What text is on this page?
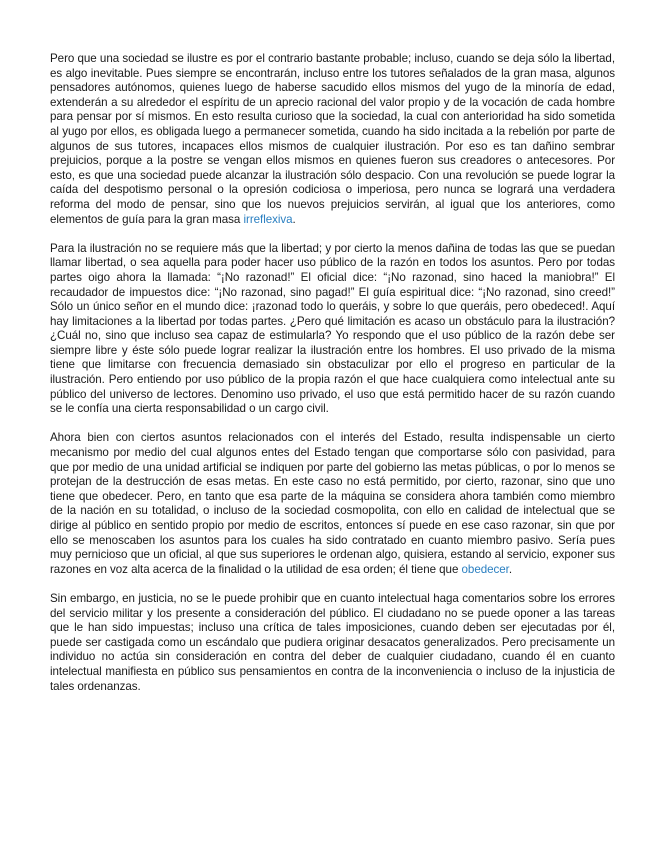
Pero que una sociedad se ilustre es por el contrario bastante probable; incluso, cuando se deja sólo la libertad, es algo inevitable. Pues siempre se encontrarán, incluso entre los tutores señalados de la gran masa, algunos pensadores autónomos, quienes luego de haberse sacudido ellos mismos del yugo de la minoría de edad, extenderán a su alrededor el espíritu de un aprecio racional del valor propio y de la vocación de cada hombre para pensar por sí mismos. En esto resulta curioso que la sociedad, la cual con anterioridad ha sido sometida al yugo por ellos, es obligada luego a permanecer sometida, cuando ha sido incitada a la rebelión por parte de algunos de sus tutores, incapaces ellos mismos de cualquier ilustración. Por eso es tan dañino sembrar prejuicios, porque a la postre se vengan ellos mismos en quienes fueron sus creadores o antecesores. Por esto, es que una sociedad puede alcanzar la ilustración sólo despacio. Con una revolución se puede lograr la caída del despotismo personal o la opresión codiciosa o imperiosa, pero nunca se logrará una verdadera reforma del modo de pensar, sino que los nuevos prejuicios servirán, al igual que los anteriores, como elementos de guía para la gran masa irreflexiva.

Para la ilustración no se requiere más que la libertad; y por cierto la menos dañina de todas las que se puedan llamar libertad, o sea aquella para poder hacer uso público de la razón en todos los asuntos. Pero por todas partes oigo ahora la llamada: “¡No razonad!” El oficial dice: “¡No razonad, sino haced la maniobra!” El recaudador de impuestos dice: “¡No razonad, sino pagad!” El guía espiritual dice: “¡No razonad, sino creed!” Sólo un único señor en el mundo dice: ¡razonad todo lo queráis, y sobre lo que queráis, pero obedeced!. Aquí hay limitaciones a la libertad por todas partes. ¿Pero qué limitación es acaso un obstáculo para la ilustración? ¿Cuál no, sino que incluso sea capaz de estimularla? Yo respondo que el uso público de la razón debe ser siempre libre y éste sólo puede lograr realizar la ilustración entre los hombres. El uso privado de la misma tiene que limitarse con frecuencia demasiado sin obstaculizar por ello el progreso en particular de la ilustración. Pero entiendo por uso público de la propia razón el que hace cualquiera como intelectual ante su público del universo de lectores. Denomino uso privado, el uso que está permitido hacer de su razón cuando se le confía una cierta responsabilidad o un cargo civil.

Ahora bien con ciertos asuntos relacionados con el interés del Estado, resulta indispensable un cierto mecanismo por medio del cual algunos entes del Estado tengan que comportarse sólo con pasividad, para que por medio de una unidad artificial se indiquen por parte del gobierno las metas públicas, o por lo menos se protejan de la destrucción de esas metas. En este caso no está permitido, por cierto, razonar, sino que uno tiene que obedecer. Pero, en tanto que esa parte de la máquina se considera ahora también como miembro de la nación en su totalidad, o incluso de la sociedad cosmopolita, con ello en calidad de intelectual que se dirige al público en sentido propio por medio de escritos, entonces sí puede en ese caso razonar, sin que por ello se menoscaben los asuntos para los cuales ha sido contratado en cuanto miembro pasivo. Sería pues muy pernicioso que un oficial, al que sus superiores le ordenan algo, quisiera, estando al servicio, exponer sus razones en voz alta acerca de la finalidad o la utilidad de esa orden; él tiene que obedecer.

Sin embargo, en justicia, no se le puede prohibir que en cuanto intelectual haga comentarios sobre los errores del servicio militar y los presente a consideración del público. El ciudadano no se puede oponer a las tareas que le han sido impuestas; incluso una crítica de tales imposiciones, cuando deben ser ejecutadas por él, puede ser castigada como un escándalo que pudiera originar desacatos generalizados. Pero precisamente un individuo no actúa sin consideración en contra del deber de cualquier ciudadano, cuando él en cuanto intelectual manifiesta en público sus pensamientos en contra de la inconveniencia o incluso de la injusticia de tales ordenanzas.
